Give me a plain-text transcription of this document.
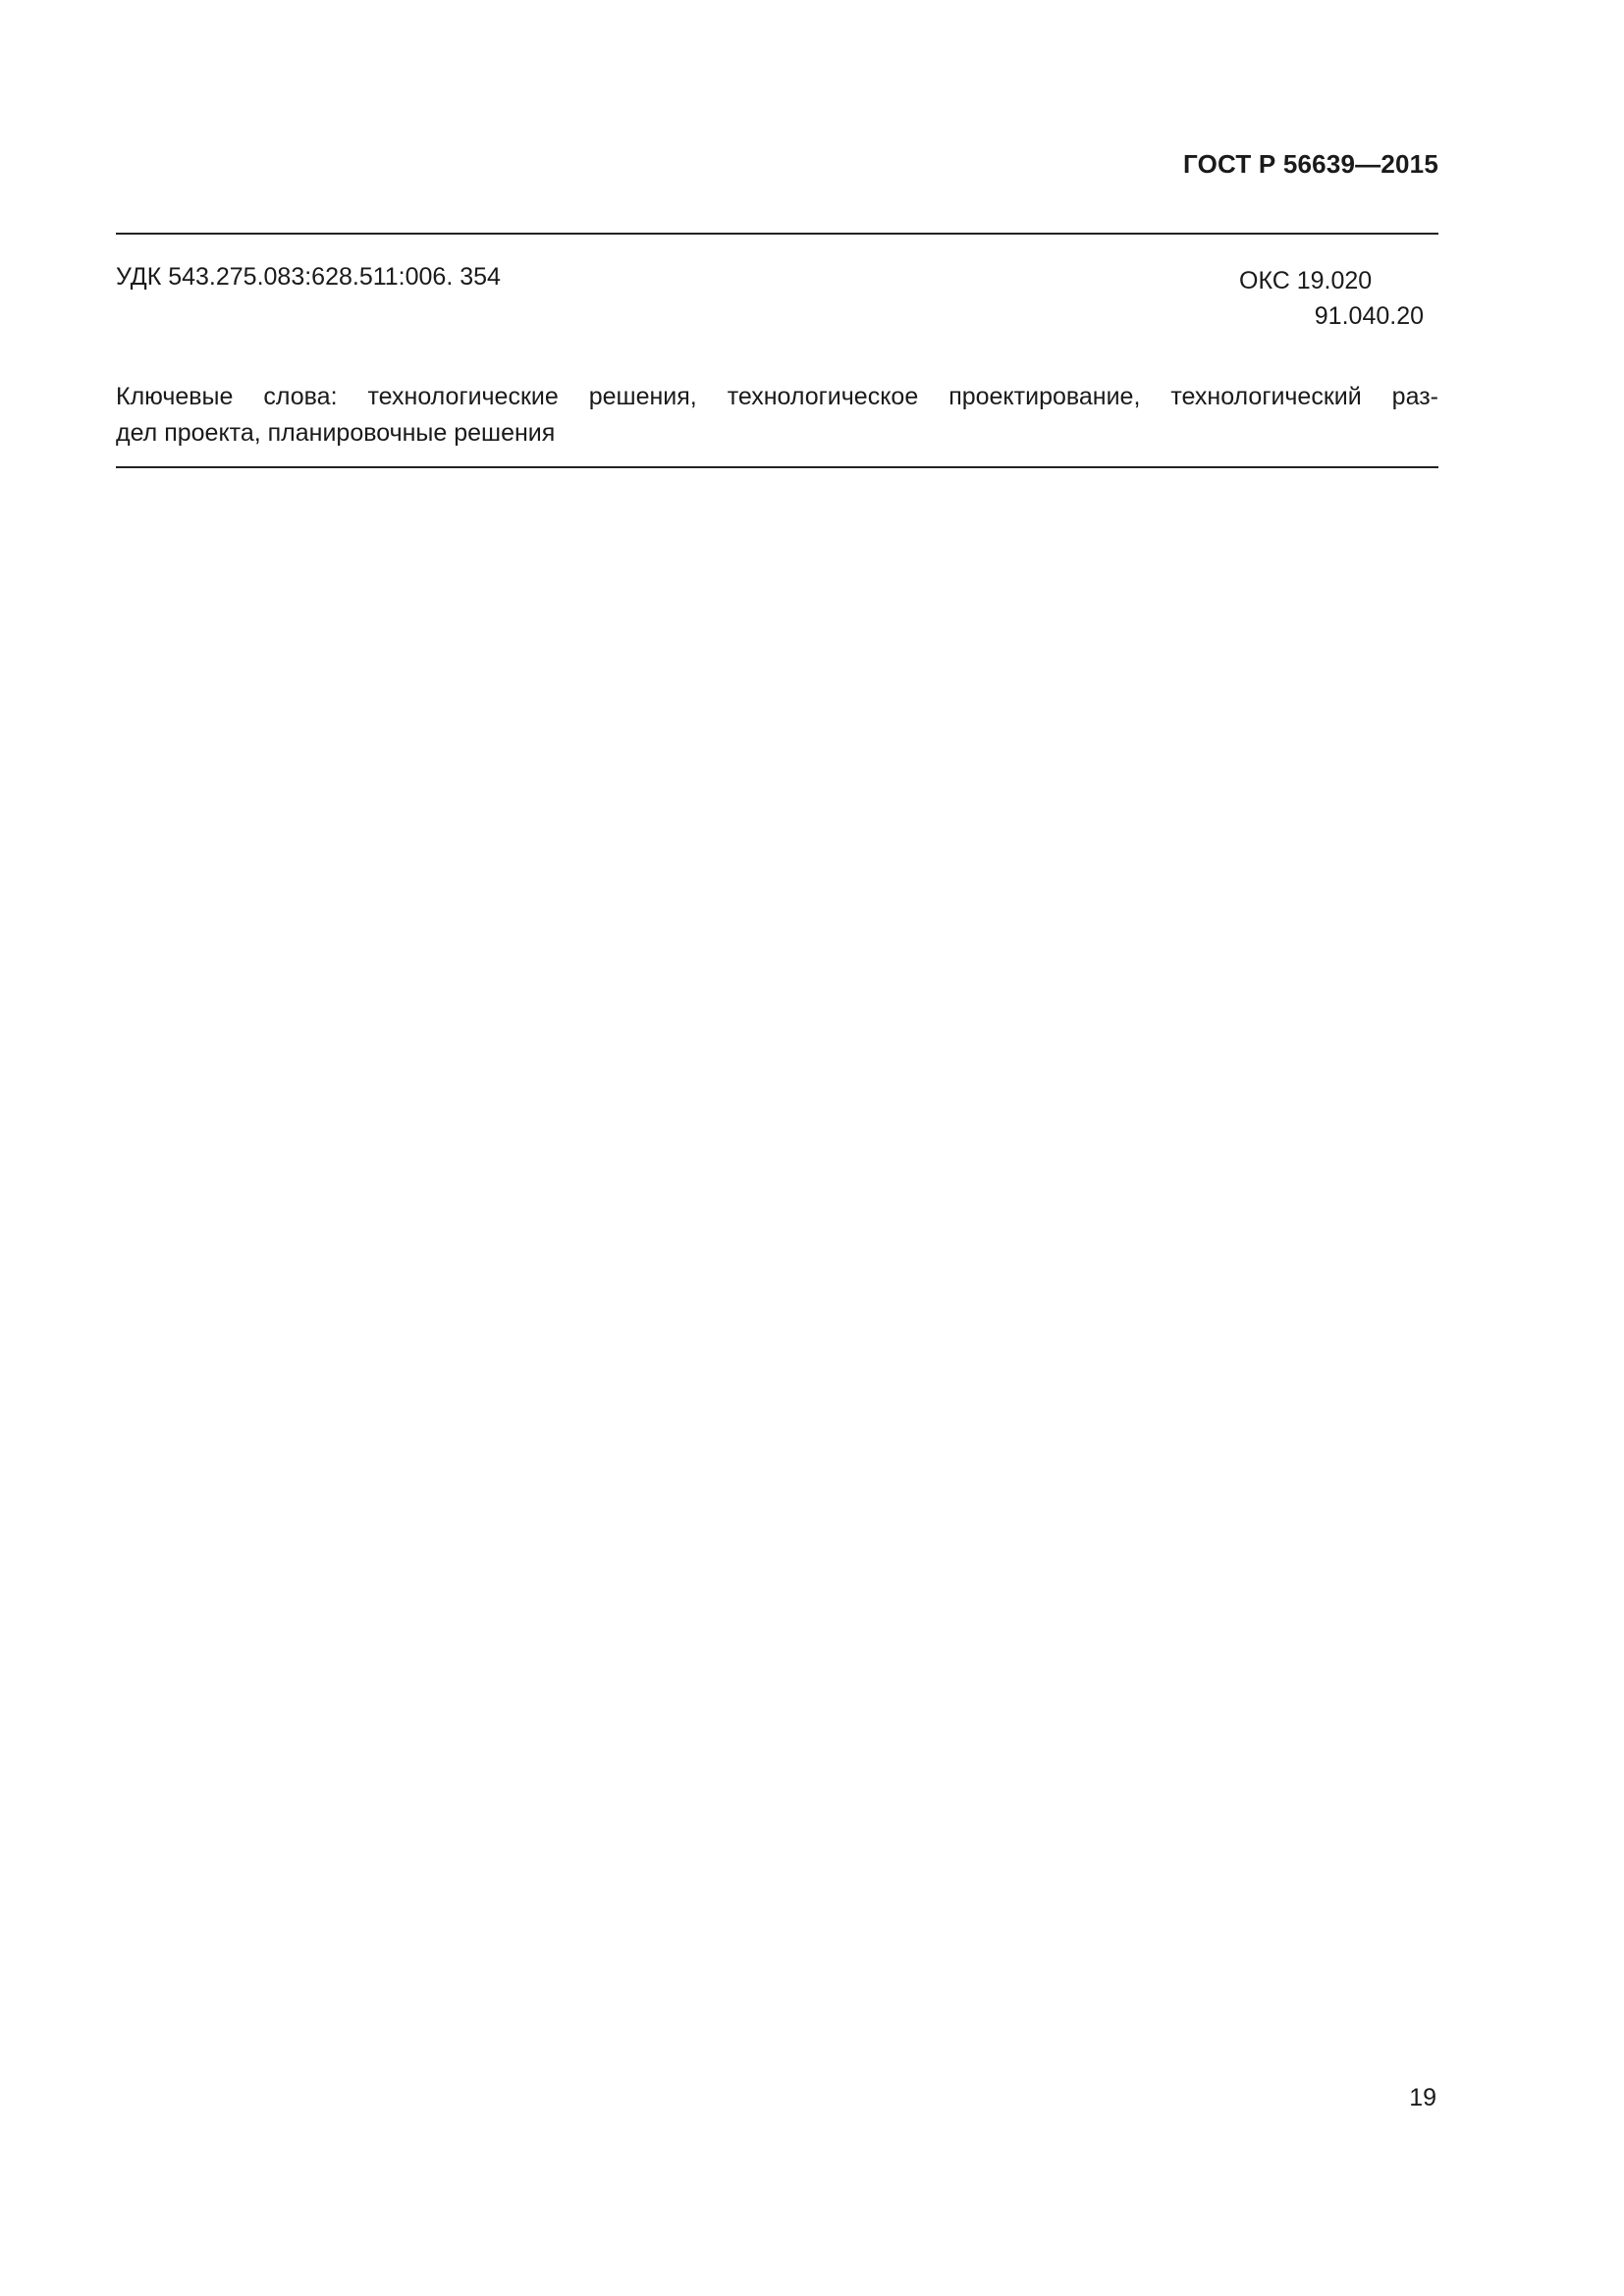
ГОСТ Р 56639—2015
УДК 543.275.083:628.511:006. 354	ОКС 19.020
91.040.20
Ключевые слова: технологические решения, технологическое проектирование, технологический раз-
дел проекта, планировочные решения
19
